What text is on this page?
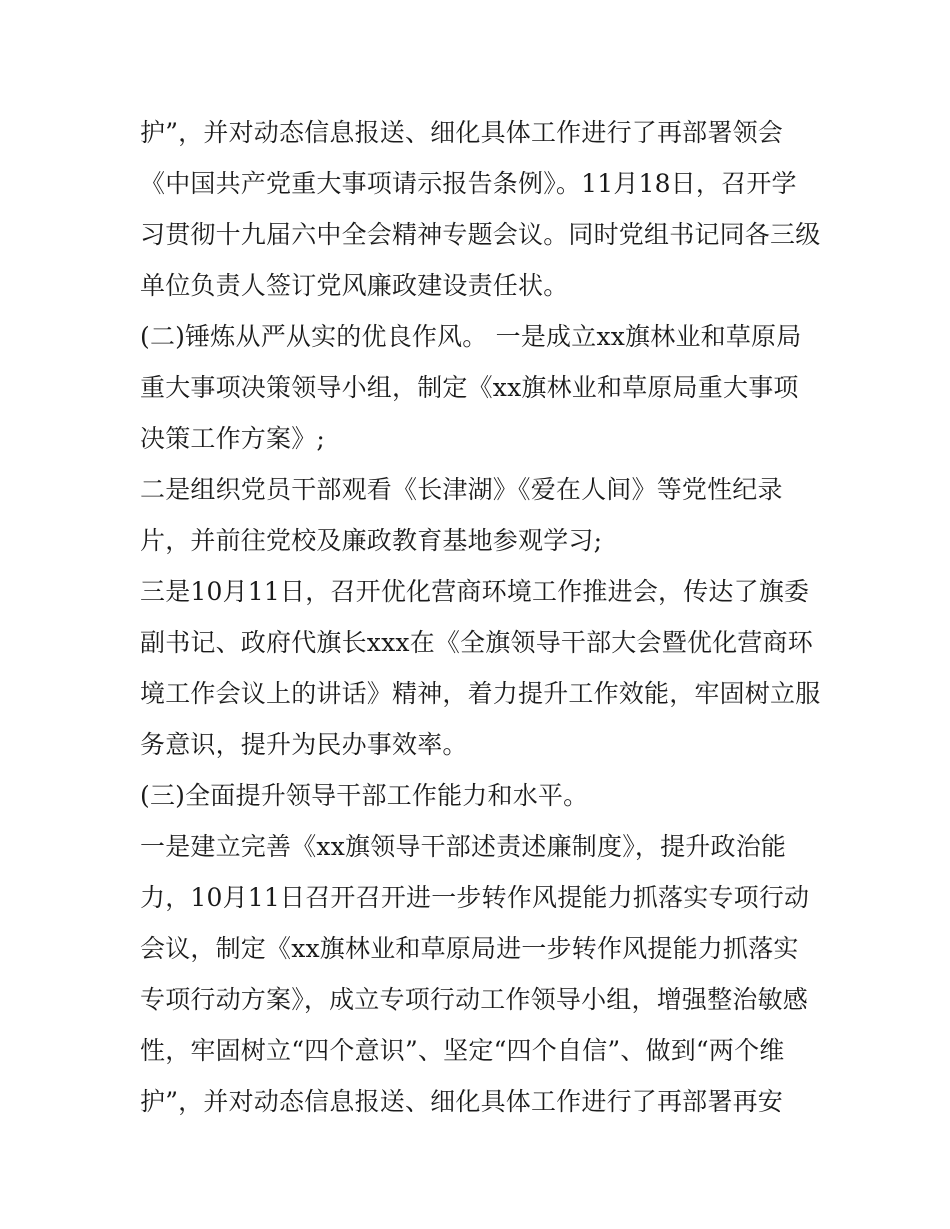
护”，并对动态信息报送、细化具体工作进行了再部署领会
《中国共产党重大事项请示报告条例》。11月18日，召开学
习贯彻十九届六中全会精神专题会议。同时党组书记同各三级
单位负责人签订党风廉政建设责任状。
(二)锤炼从严从实的优良作风。 一是成立xx旗林业和草原局
重大事项决策领导小组，制定《xx旗林业和草原局重大事项
决策工作方案》;
二是组织党员干部观看《长津湖》《爱在人间》等党性纪录
片，并前往党校及廉政教育基地参观学习;
三是10月11日，召开优化营商环境工作推进会，传达了旗委
副书记、政府代旗长xxx在《全旗领导干部大会暨优化营商环
境工作会议上的讲话》精神，着力提升工作效能，牢固树立服
务意识，提升为民办事效率。
(三)全面提升领导干部工作能力和水平。
一是建立完善《xx旗领导干部述责述廉制度》，提升政治能
力，10月11日召开召开进一步转作风提能力抓落实专项行动
会议，制定《xx旗林业和草原局进一步转作风提能力抓落实
专项行动方案》，成立专项行动工作领导小组，增强整治敏感
性，牢固树立“四个意识”、坚定“四个自信”、做到“两个维
护”，并对动态信息报送、细化具体工作进行了再部署再安
